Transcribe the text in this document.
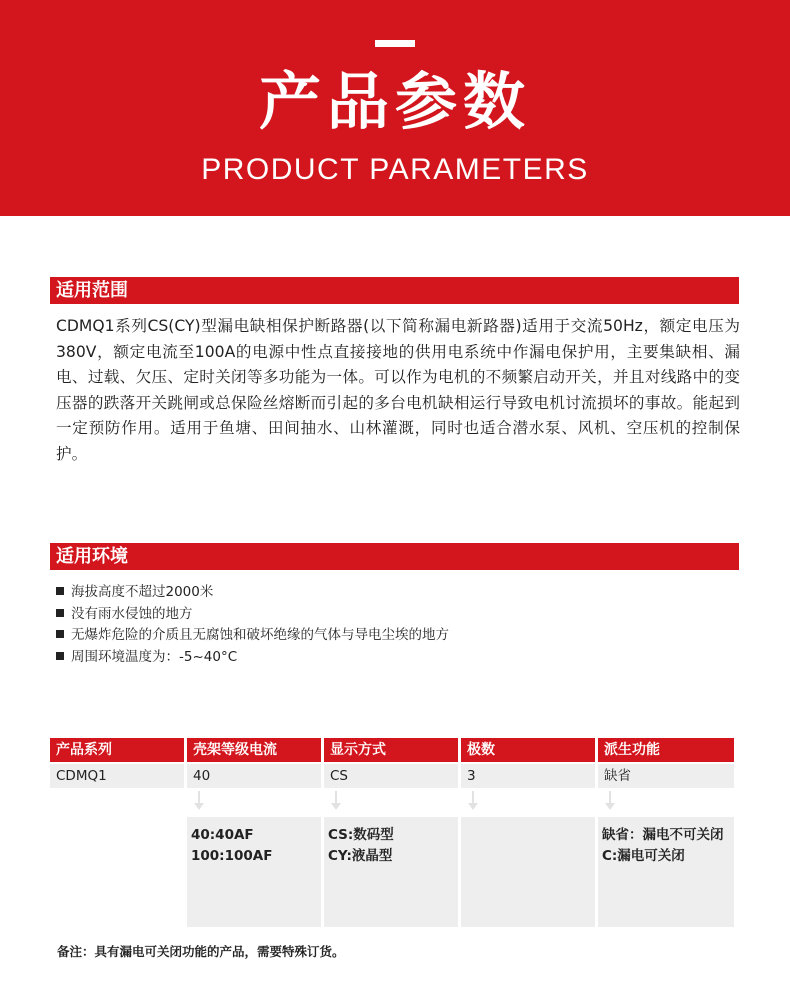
产品参数
PRODUCT PARAMETERS
适用范围

CDMQ1系列CS(CY)型漏电缺相保护断路器(以下简称漏电新路器)适用于交流50Hz，额定电压为380V，额定电流至100A的电源中性点直接接地的供用电系统中作漏电保护用，主要集缺相、漏电、过载、欠压、定时关闭等多功能为一体。可以作为电机的不频繁启动开关，并且对线路中的变压器的跌落开关跳闸或总保险丝熔断而引起的多台电机缺相运行导致电机讨流损坏的事故。能起到一定预防作用。适用于鱼塘、田间抽水、山林灌溉，同时也适合潜水泵、风机、空压机的控制保护。

适用环境
海拔高度不超过2000米
没有雨水侵蚀的地方
无爆炸危险的介质且无腐蚀和破坏绝缘的气体与导电尘埃的地方
周围环境温度为：-5~40°C
产品系列
CDMQ1
壳架等级电流
40
40:40AF
100:100AF
显示方式
CS
CS:数码型
CY:液晶型
极数
3
派生功能
缺省
缺省：漏电不可关闭
C:漏电可关闭
备注：具有漏电可关闭功能的产品，需要特殊订货。
